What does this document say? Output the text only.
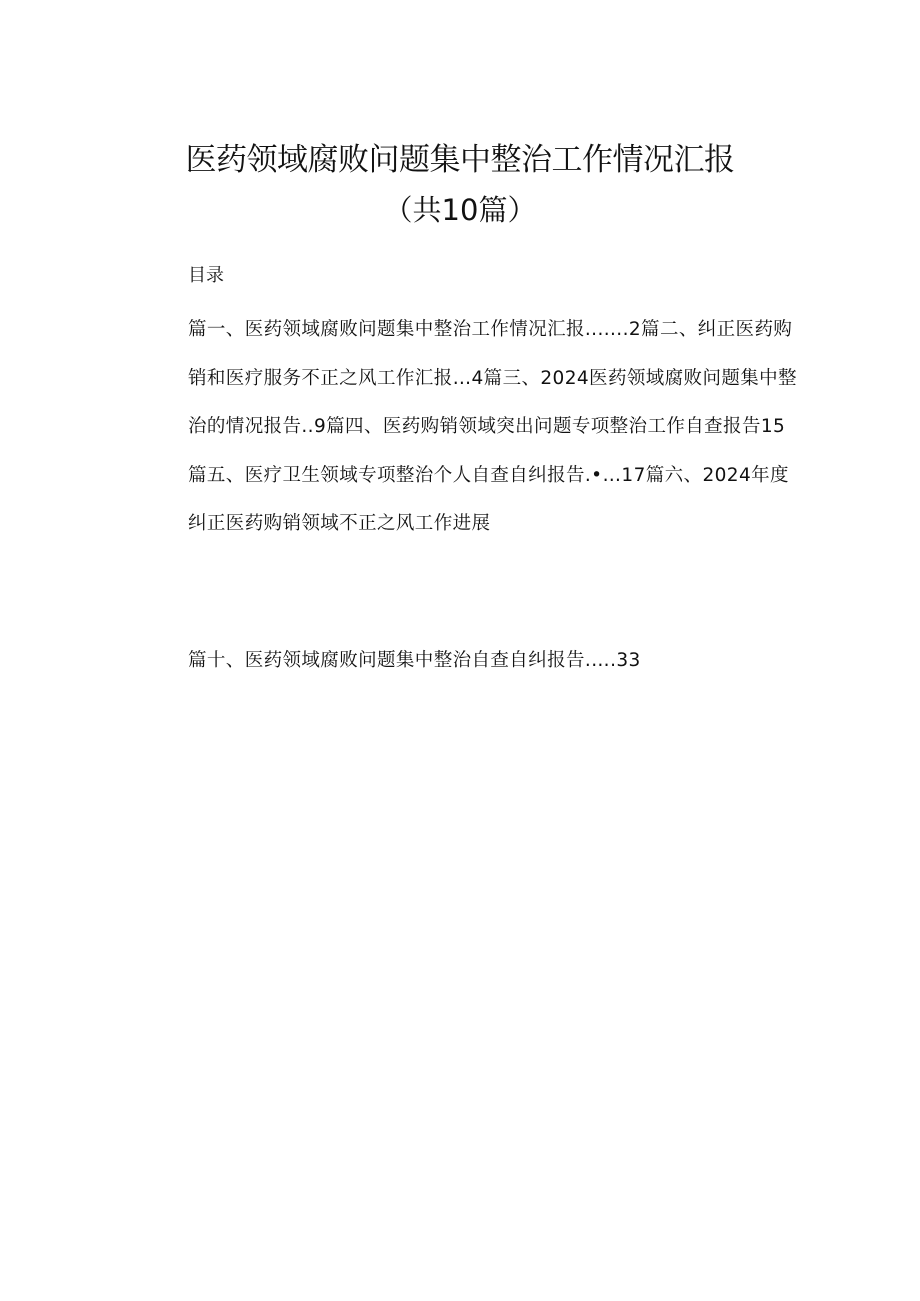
医药领域腐败问题集中整治工作情况汇报
（共10篇）
目录
篇一、医药领域腐败问题集中整治工作情况汇报.......2篇二、纠正医药购销和医疗服务不正之风工作汇报…4篇三、2024医药领域腐败问题集中整治的情况报告..9篇四、医药购销领域突出问题专项整治工作自查报告15篇五、医疗卫生领域专项整治个人自查自纠报告.•…17篇六、2024年度纠正医药购销领域不正之风工作进展
篇十、医药领域腐败问题集中整治自查自纠报告.….33
